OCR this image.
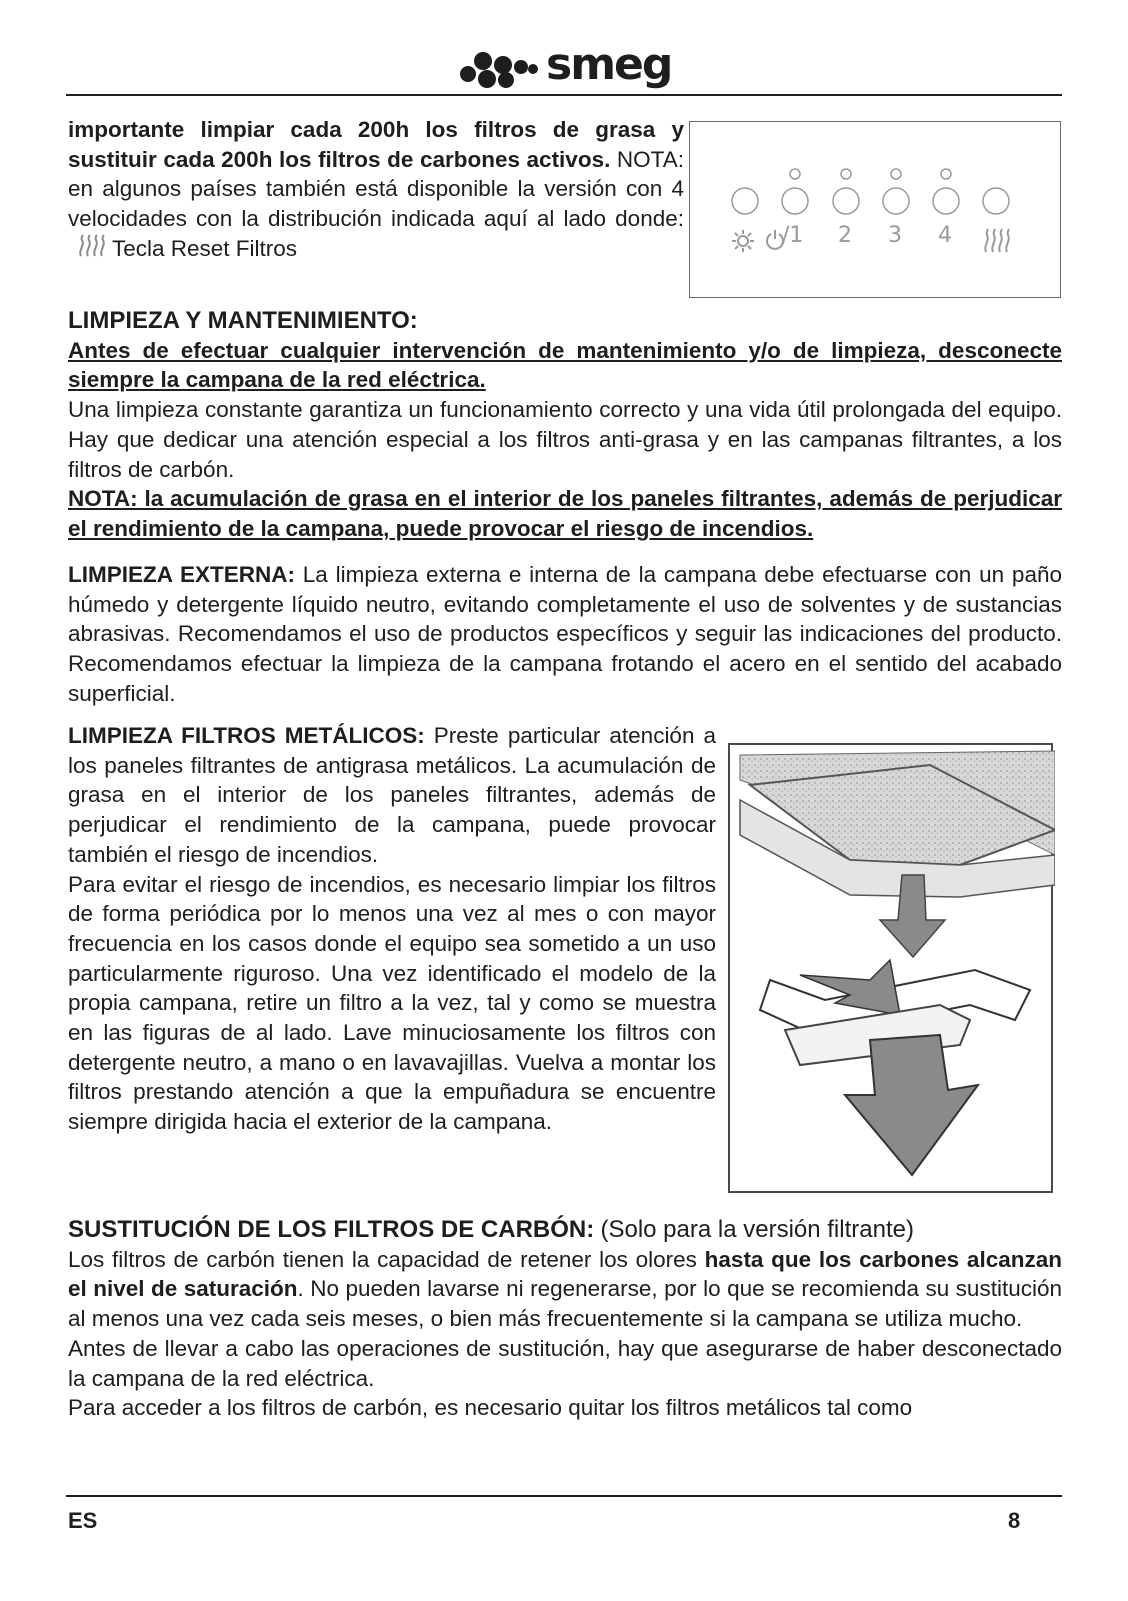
smeg
importante limpiar cada 200h los filtros de grasa y sustituir cada 200h los filtros de carbones activos. NOTA: en algunos países también está disponible la versión con 4 velocidades con la distribución indicada aquí al lado donde: Tecla Reset Filtros
/1 2 3 4
LIMPIEZA Y MANTENIMIENTO:
Antes de efectuar cualquier intervención de mantenimiento y/o de limpieza, desconecte siempre la campana de la red eléctrica.
Una limpieza constante garantiza un funcionamiento correcto y una vida útil prolongada del equipo. Hay que dedicar una atención especial a los filtros anti-grasa y en las campanas filtrantes, a los filtros de carbón.
NOTA: la acumulación de grasa en el interior de los paneles filtrantes, además de perjudicar el rendimiento de la campana, puede provocar el riesgo de incendios.
LIMPIEZA EXTERNA: La limpieza externa e interna de la campana debe efectuarse con un paño húmedo y detergente líquido neutro, evitando completamente el uso de solventes y de sustancias abrasivas. Recomendamos el uso de productos específicos y seguir las indicaciones del producto. Recomendamos efectuar la limpieza de la campana frotando el acero en el sentido del acabado superficial.
LIMPIEZA FILTROS METÁLICOS: Preste particular atención a los paneles filtrantes de antigrasa metálicos. La acumulación de grasa en el interior de los paneles filtrantes, además de perjudicar el rendimiento de la campana, puede provocar también el riesgo de incendios.
Para evitar el riesgo de incendios, es necesario limpiar los filtros de forma periódica por lo menos una vez al mes o con mayor frecuencia en los casos donde el equipo sea sometido a un uso particularmente riguroso. Una vez identificado el modelo de la propia campana, retire un filtro a la vez, tal y como se muestra en las figuras de al lado. Lave minuciosamente los filtros con detergente neutro, a mano o en lavavajillas. Vuelva a montar los filtros prestando atención a que la empuñadura se encuentre siempre dirigida hacia el exterior de la campana.
SUSTITUCIÓN DE LOS FILTROS DE CARBÓN: (Solo para la versión filtrante)
Los filtros de carbón tienen la capacidad de retener los olores hasta que los carbones alcanzan el nivel de saturación. No pueden lavarse ni regenerarse, por lo que se recomienda su sustitución al menos una vez cada seis meses, o bien más frecuentemente si la campana se utiliza mucho.
Antes de llevar a cabo las operaciones de sustitución, hay que asegurarse de haber desconectado la campana de la red eléctrica.
Para acceder a los filtros de carbón, es necesario quitar los filtros metálicos tal como
ES	8
